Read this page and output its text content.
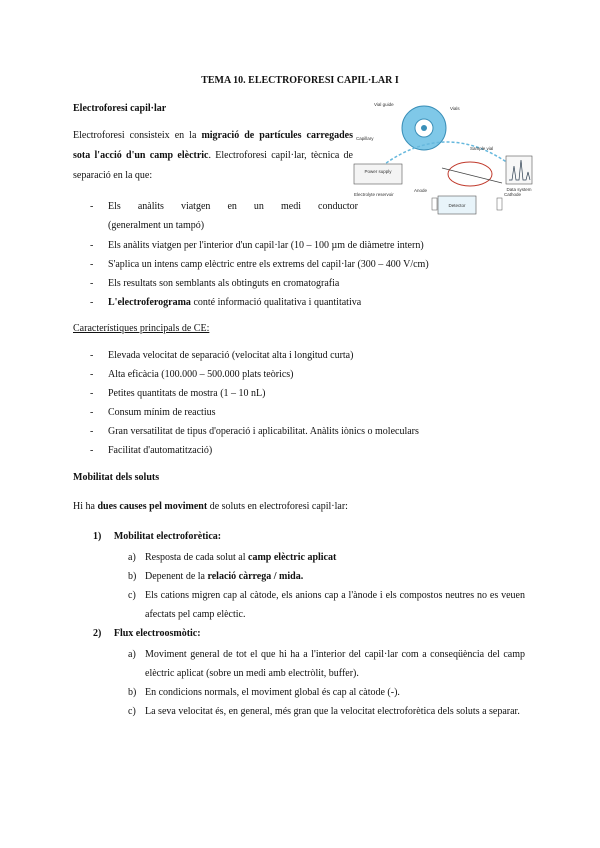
TEMA 10. ELECTROFORESI CAPIL·LAR I
Electroforesi capil·lar
Electroforesi consisteix en la migració de partícules carregades sota l'acció d'un camp elèctric. Electroforesi capil·lar, tècnica de separació en la que:	Power supply
Data system
Detector
Vial guide
Vials
Capillary
Anode
Cathode
Electrolyte reservoir
Sample vial
- Els anàlits viatgen en un medi conductor
(generalment un tampó)
- Els anàlits viatgen per l'interior d'un capil·lar (10 – 100 µm de diàmetre intern)
- S'aplica un intens camp elèctric entre els extrems del capil·lar (300 – 400 V/cm)
- Els resultats son semblants als obtinguts en cromatografia
- L'electroferograma conté informació qualitativa i quantitativa
Característiques principals de CE:
- Elevada velocitat de separació (velocitat alta i longitud curta)
- Alta eficàcia (100.000 – 500.000 plats teòrics)
- Petites quantitats de mostra (1 – 10 nL)
- Consum mínim de reactius
- Gran versatilitat de tipus d'operació i aplicabilitat. Anàlits iònics o moleculars
- Facilitat d'automatització)
Mobilitat dels soluts
Hi ha dues causes pel moviment de soluts en electroforesi capil·lar:
1) Mobilitat electroforètica:
a) Resposta de cada solut al camp elèctric aplicat
b) Depenent de la relació càrrega / mida.
c) Els cations migren cap al càtode, els anions cap a l'ànode i els compostos neutres no es veuen afectats pel camp elèctic.
2) Flux electroosmòtic:
a) Moviment general de tot el que hi ha a l'interior del capil·lar com a conseqüència del camp elèctric aplicat (sobre un medi amb electròlit, buffer).
b) En condicions normals, el moviment global és cap al càtode (-).
c) La seva velocitat és, en general, més gran que la velocitat electroforètica dels soluts a separar.
